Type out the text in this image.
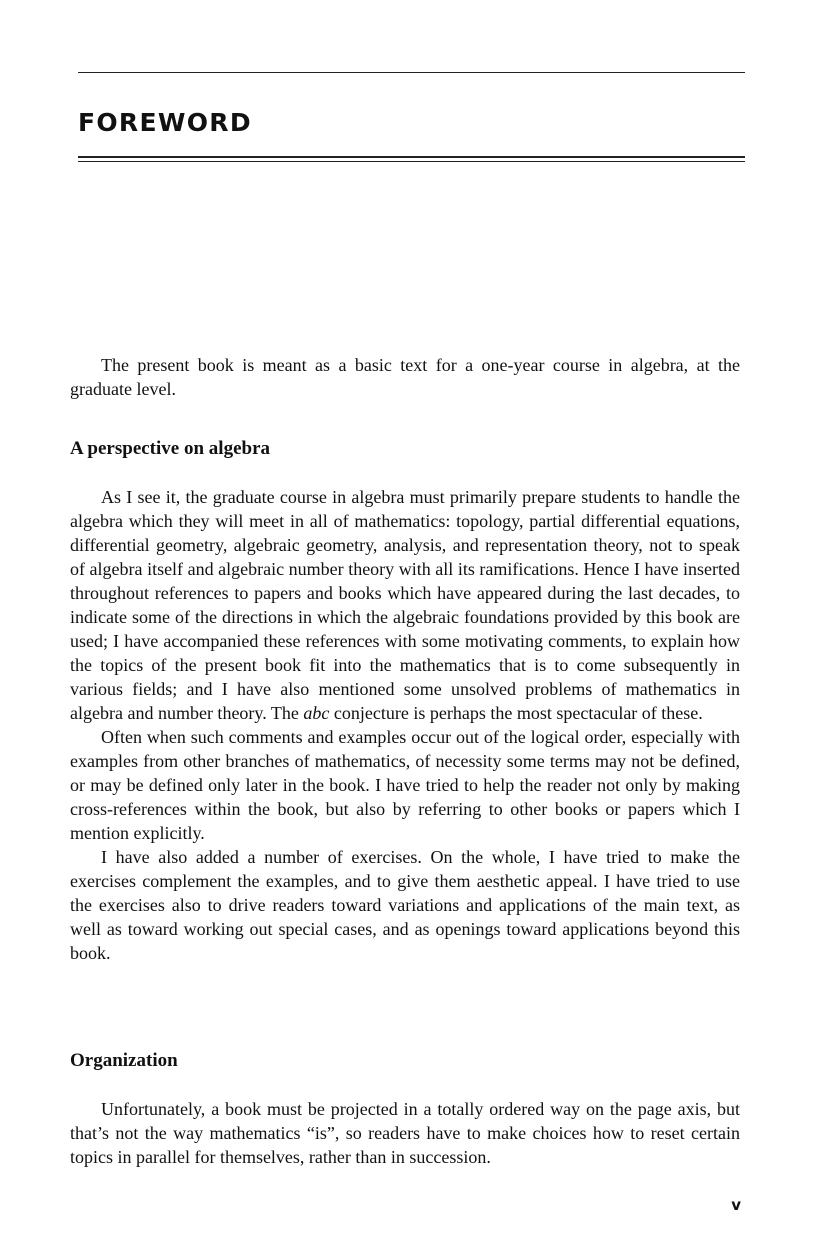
FOREWORD

The present book is meant as a basic text for a one-year course in algebra, at the graduate level.

A perspective on algebra

As I see it, the graduate course in algebra must primarily prepare students to handle the algebra which they will meet in all of mathematics: topology, partial differential equations, differential geometry, algebraic geometry, analysis, and representation theory, not to speak of algebra itself and algebraic number theory with all its ramifications. Hence I have inserted throughout references to papers and books which have appeared during the last decades, to indicate some of the directions in which the algebraic foundations provided by this book are used; I have accompanied these references with some motivating comments, to explain how the topics of the present book fit into the mathematics that is to come subsequently in various fields; and I have also mentioned some unsolved problems of mathematics in algebra and number theory. The abc conjecture is perhaps the most spectacular of these.

Often when such comments and examples occur out of the logical order, especially with examples from other branches of mathematics, of necessity some terms may not be defined, or may be defined only later in the book. I have tried to help the reader not only by making cross-references within the book, but also by referring to other books or papers which I mention explicitly.

I have also added a number of exercises. On the whole, I have tried to make the exercises complement the examples, and to give them aesthetic appeal. I have tried to use the exercises also to drive readers toward variations and applications of the main text, as well as toward working out special cases, and as openings toward applications beyond this book.

Organization

Unfortunately, a book must be projected in a totally ordered way on the page axis, but that’s not the way mathematics “is”, so readers have to make choices how to reset certain topics in parallel for themselves, rather than in succession.

v
